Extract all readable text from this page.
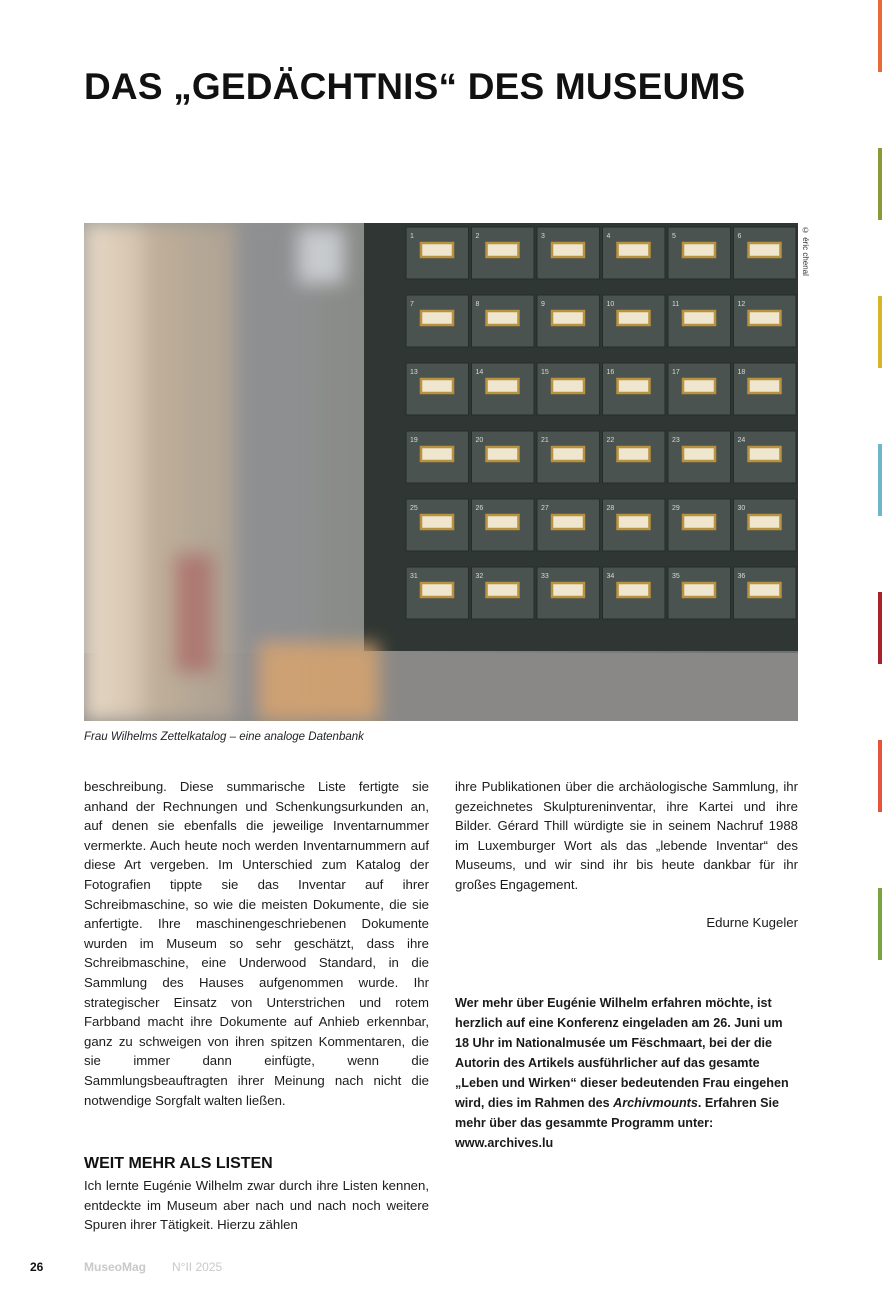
DAS „GEDÄCHTNIS“ DES MUSEUMS
1	2	3	4	5	6
7	8	9	10	11	12
13	14	15	16	17	18
19	20	21	22	23	24
25	26	27	28	29	30
31	32	33	34	35	36
© éric chenal
Frau Wilhelms Zettelkatalog – eine analoge Datenbank

beschreibung. Diese summarische Liste fertigte sie anhand der Rechnungen und Schenkungsurkunden an, auf denen sie ebenfalls die jeweilige Inventarnummer vermerkte. Auch heute noch werden Inventarnummern auf diese Art vergeben. Im Unterschied zum Katalog der Fotografien tippte sie das Inventar auf ihrer Schreibmaschine, so wie die meisten Dokumente, die sie anfertigte. Ihre maschinengeschriebenen Dokumente wurden im Museum so sehr geschätzt, dass ihre Schreibmaschine, eine Underwood Standard, in die Sammlung des Hauses aufgenommen wurde. Ihr strategischer Einsatz von Unterstrichen und rotem Farbband macht ihre Dokumente auf Anhieb erkennbar, ganz zu schweigen von ihren spitzen Kommentaren, die sie immer dann einfügte, wenn die Sammlungsbeauftragten ihrer Meinung nach nicht die notwendige Sorgfalt walten ließen.

WEIT MEHR ALS LISTEN

Ich lernte Eugénie Wilhelm zwar durch ihre Listen kennen, entdeckte im Museum aber nach und nach noch weitere Spuren ihrer Tätigkeit. Hierzu zählen

ihre Publikationen über die archäologische Sammlung, ihr gezeichnetes Skulptureninventar, ihre Kartei und ihre Bilder. Gérard Thill würdigte sie in seinem Nachruf 1988 im Luxemburger Wort als das „lebende Inventar“ des Museums, und wir sind ihr bis heute dankbar für ihr großes Engagement.

Edurne Kugeler

Wer mehr über Eugénie Wilhelm erfahren möchte, ist herzlich auf eine Konferenz eingeladen am 26. Juni um 18 Uhr im Nationalmusée um Fëschmaart, bei der die Autorin des Artikels ausführlicher auf das gesamte „Leben und Wirken“ dieser bedeutenden Frau eingehen wird, dies im Rahmen des Archivmounts. Erfahren Sie mehr über das gesammte Programm unter: www.archives.lu

26	MuseoMag N°II 2025
